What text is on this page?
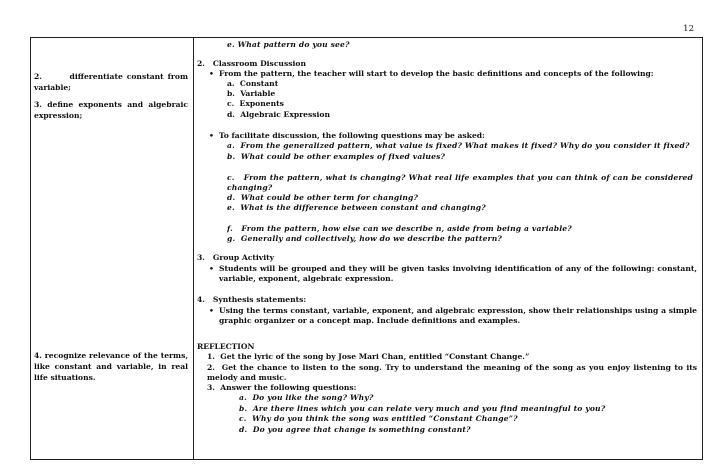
12
2.       differentiate constant from variable;
3. define exponents and algebraic expression;
4. recognize relevance of the terms, like constant and variable, in real life situations.
e. What pattern do you see?
2.   Classroom Discussion
• From the pattern, the teacher will start to develop the basic definitions and concepts of the following:
a.  Constant
b.  Variable
c.  Exponents
d.  Algebraic Expression
• To facilitate discussion, the following questions may be asked:
a.  From the generalized pattern, what value is fixed? What makes it fixed? Why do you consider it fixed?
b.  What could be other examples of fixed values?
c.   From the pattern, what is changing? What real life examples that you can think of can be considered changing?
d.  What could be other term for changing?
e.  What is the difference between constant and changing?
f.   From the pattern, how else can we describe n, aside from being a variable?
g.  Generally and collectively, how do we describe the pattern?
3.   Group Activity
• Students will be grouped and they will be given tasks involving identification of any of the following: constant, variable, exponent, algebraic expression.
4.   Synthesis statements:
• Using the terms constant, variable, exponent, and algebraic expression, show their relationships using a simple graphic organizer or a concept map. Include definitions and examples.
REFLECTION
1.  Get the lyric of the song by Jose Mari Chan, entitled “Constant Change.”
2.  Get the chance to listen to the song. Try to understand the meaning of the song as you enjoy listening to its melody and music.
3.  Answer the following questions:
a.  Do you like the song? Why?
b.  Are there lines which you can relate very much and you find meaningful to you?
c.  Why do you think the song was entitled “Constant Change”?
d.  Do you agree that change is something constant?
